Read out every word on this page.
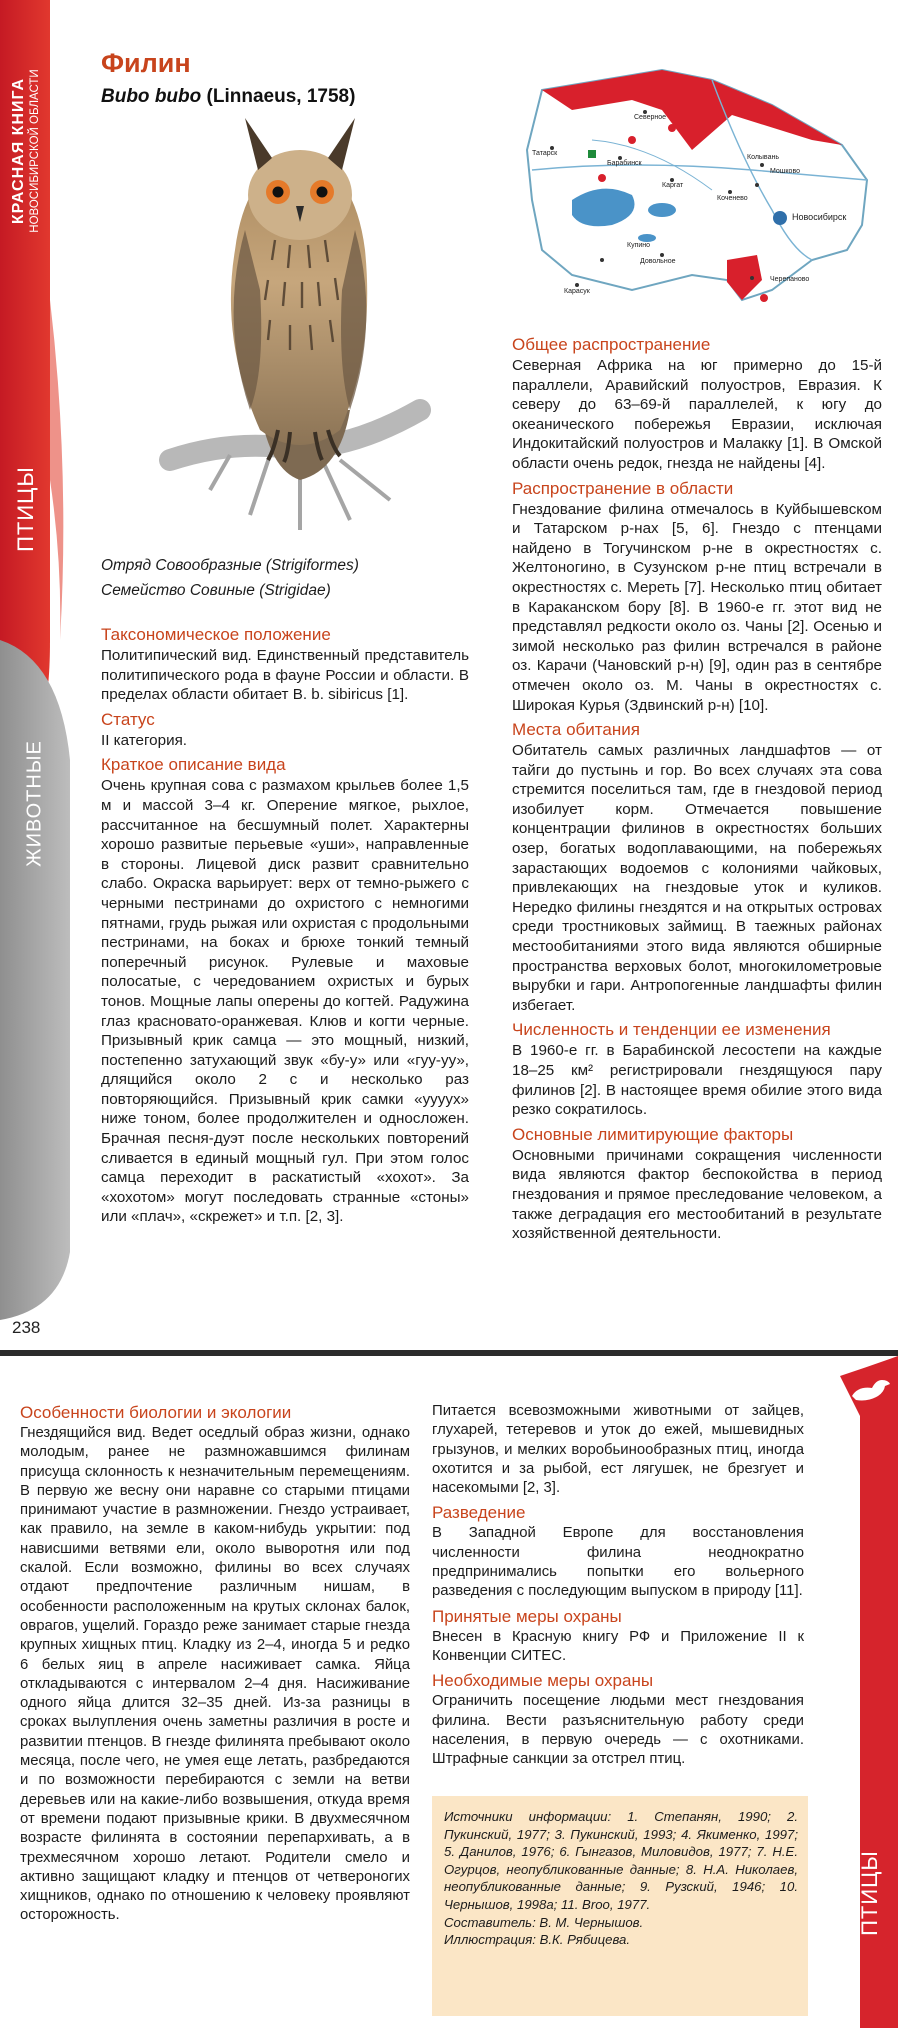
КРАСНАЯ КНИГА НОВОСИБИРСКОЙ ОБЛАСТИ
ПТИЦЫ
ЖИВОТНЫЕ
238
Филин
Bubo bubo (Linnaeus, 1758)
Отряд Совообразные (Strigiformes)
Семейство Совиные (Strigidae)
Таксономическое положение

Политипический вид. Единственный представитель политипического рода в фауне России и области. В пределах области обитает B. b. sibiricus [1].

Статус

II категория.

Краткое описание вида

Очень крупная сова с размахом крыльев более 1,5 м и массой 3–4 кг. Оперение мягкое, рыхлое, рассчитанное на бесшумный полет. Характерны хорошо развитые перьевые «уши», направленные в стороны. Лицевой диск развит сравнительно слабо. Окраска варьирует: верх от темно-рыжего с черными пестринами до охристого с немногими пятнами, грудь рыжая или охристая с продольными пестринами, на боках и брюхе тонкий темный поперечный рисунок. Рулевые и маховые полосатые, с чередованием охристых и бурых тонов. Мощные лапы оперены до когтей. Радужина глаз красновато-оранжевая. Клюв и когти черные. Призывный крик самца — это мощный, низкий, постепенно затухающий звук «бу-у» или «гуу-уу», длящийся около 2 с и несколько раз повторяющийся. Призывный крик самки «ууууx» ниже тоном, более продолжителен и односложен. Брачная песня-дуэт после нескольких повторений сливается в единый мощный гул. При этом голос самца переходит в раскатистый «хохот». За «хохотом» могут последовать странные «стоны» или «плач», «скрежет» и т.п. [2, 3].

Северное
Татарск
Барабинск
Каргат
Коченево
Колывань
Мошково
Новосибирск
Купино
Довольное
Карасук
Черепаново
Общее распространение

Северная Африка на юг примерно до 15-й параллели, Аравийский полуостров, Евразия. К северу до 63–69-й параллелей, к югу до океанического побережья Евразии, исключая Индокитайский полуостров и Малакку [1]. В Омской области очень редок, гнезда не найдены [4].

Распространение в области

Гнездование филина отмечалось в Куйбышевском и Татарском р-нах [5, 6]. Гнездо с птенцами найдено в Тогучинском р-не в окрестностях с. Желтоногино, в Сузунском р-не птиц встречали в окрестностях с. Мереть [7]. Несколько птиц обитает в Караканском бору [8]. В 1960-е гг. этот вид не представлял редкости около оз. Чаны [2]. Осенью и зимой несколько раз филин встречался в районе оз. Карачи (Чановский р-н) [9], один раз в сентябре отмечен около оз. М. Чаны в окрестностях с. Широкая Курья (Здвинский р-н) [10].

Места обитания

Обитатель самых различных ландшафтов — от тайги до пустынь и гор. Во всех случаях эта сова стремится поселиться там, где в гнездовой период изобилует корм. Отмечается повышение концентрации филинов в окрестностях больших озер, богатых водоплавающими, на побережьях зарастающих водоемов с колониями чайковых, привлекающих на гнездовые уток и куликов. Нередко филины гнездятся и на открытых островах среди тростниковых займищ. В таежных районах местообитаниями этого вида являются обширные пространства верховых болот, многокилометровые вырубки и гари. Антропогенные ландшафты филин избегает.

Численность и тенденции ее изменения

В 1960-е гг. в Барабинской лесостепи на каждые 18–25 км² регистрировали гнездящуюся пару филинов [2]. В настоящее время обилие этого вида резко сократилось.

Основные лимитирующие факторы

Основными причинами сокращения численности вида являются фактор беспокойства в период гнездования и прямое преследование человеком, а также деградация его местообитаний в результате хозяйственной деятельности.

ПТИЦЫ
Особенности биологии и экологии

Гнездящийся вид. Ведет оседлый образ жизни, однако молодым, ранее не размножавшимся филинам присуща склонность к незначительным перемещениям. В первую же весну они наравне со старыми птицами принимают участие в размножении. Гнездо устраивает, как правило, на земле в каком-нибудь укрытии: под нависшими ветвями ели, около выворотня или под скалой. Если возможно, филины во всех случаях отдают предпочтение различным нишам, в особенности расположенным на крутых склонах балок, оврагов, ущелий. Гораздо реже занимает старые гнезда крупных хищных птиц. Кладку из 2–4, иногда 5 и редко 6 белых яиц в апреле насиживает самка. Яйца откладываются с интервалом 2–4 дня. Насиживание одного яйца длится 32–35 дней. Из-за разницы в сроках вылупления очень заметны различия в росте и развитии птенцов. В гнезде филинята пребывают около месяца, после чего, не умея еще летать, разбредаются и по возможности перебираются с земли на ветви деревьев или на какие-либо возвышения, откуда время от времени подают призывные крики. В двухмесячном возрасте филинята в состоянии перепархивать, а в трехмесячном хорошо летают. Родители смело и активно защищают кладку и птенцов от четвероногих хищников, однако по отношению к человеку проявляют осторожность.

Питается всевозможными животными от зайцев, глухарей, тетеревов и уток до ежей, мышевидных грызунов, и мелких воробьинообразных птиц, иногда охотится и за рыбой, ест лягушек, не брезгует и насекомыми [2, 3].

Разведение

В Западной Европе для восстановления численности филина неоднократно предпринимались попытки его вольерного разведения с последующим выпуском в природу [11].

Принятые меры охраны

Внесен в Красную книгу РФ и Приложение II к Конвенции СИТЕС.

Необходимые меры охраны

Ограничить посещение людьми мест гнездования филина. Вести разъяснительную работу среди населения, в первую очередь — с охотниками. Штрафные санкции за отстрел птиц.

Источники информации: 1. Степанян, 1990; 2. Пукинский, 1977; 3. Пукинский, 1993; 4. Якименко, 1997; 5. Данилов, 1976; 6. Гынгазов, Миловидов, 1977; 7. Н.Е. Огурцов, неопубликованные данные; 8. Н.А. Николаев, неопубликованные данные; 9. Рузский, 1946; 10. Чернышов, 1998а; 11. Вrоо, 1977.

Составитель: В. М. Чернышов.

Иллюстрация: В.К. Рябицева.
